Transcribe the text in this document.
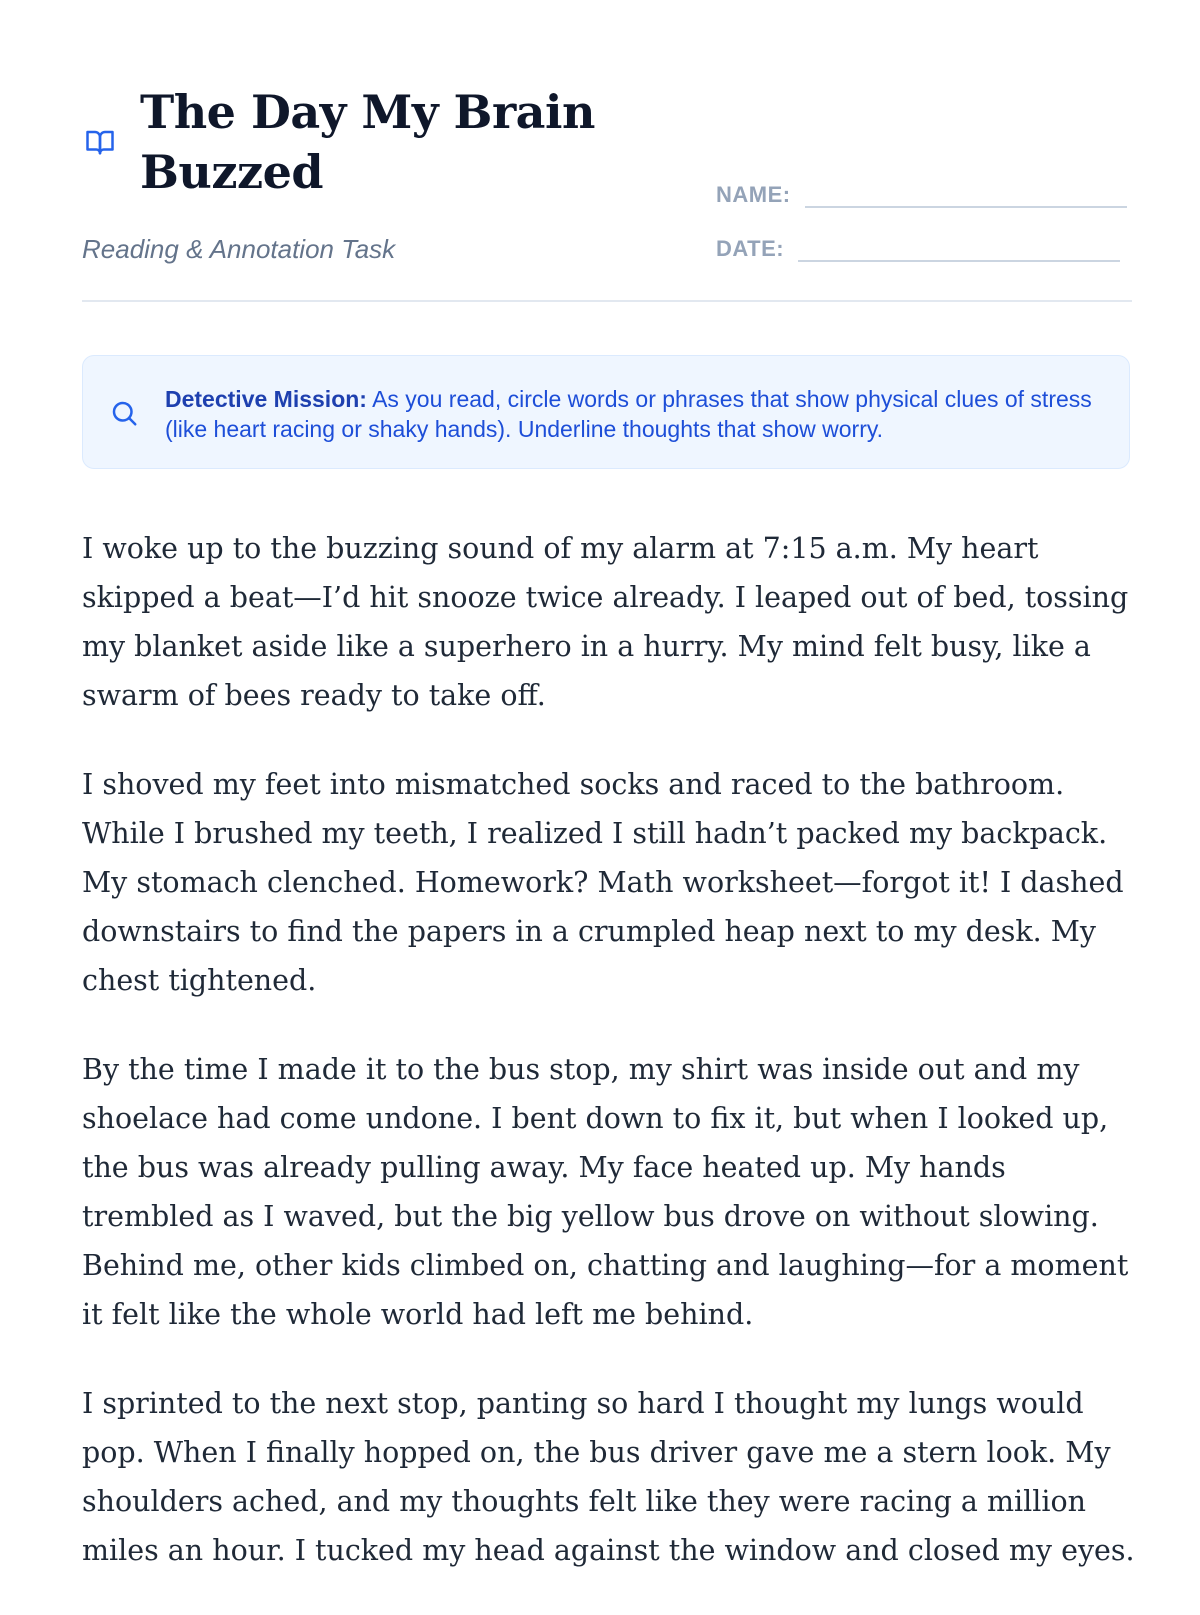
The Day My Brain Buzzed
Reading & Annotation Task
NAME:
DATE:
Detective Mission: As you read, circle words or phrases that show physical clues of stress (like heart racing or shaky hands). Underline thoughts that show worry.

I woke up to the buzzing sound of my alarm at 7:15 a.m. My heart skipped a beat—I’d hit snooze twice already. I leaped out of bed, tossing my blanket aside like a superhero in a hurry. My mind felt busy, like a swarm of bees ready to take off.

I shoved my feet into mismatched socks and raced to the bathroom. While I brushed my teeth, I realized I still hadn’t packed my backpack. My stomach clenched. Homework? Math worksheet—forgot it! I dashed downstairs to find the papers in a crumpled heap next to my desk. My chest tightened.

By the time I made it to the bus stop, my shirt was inside out and my shoelace had come undone. I bent down to fix it, but when I looked up, the bus was already pulling away. My face heated up. My hands trembled as I waved, but the big yellow bus drove on without slowing. Behind me, other kids climbed on, chatting and laughing—for a moment it felt like the whole world had left me behind.

I sprinted to the next stop, panting so hard I thought my lungs would pop. When I finally hopped on, the bus driver gave me a stern look. My shoulders ached, and my thoughts felt like they were racing a million miles an hour. I tucked my head against the window and closed my eyes.
